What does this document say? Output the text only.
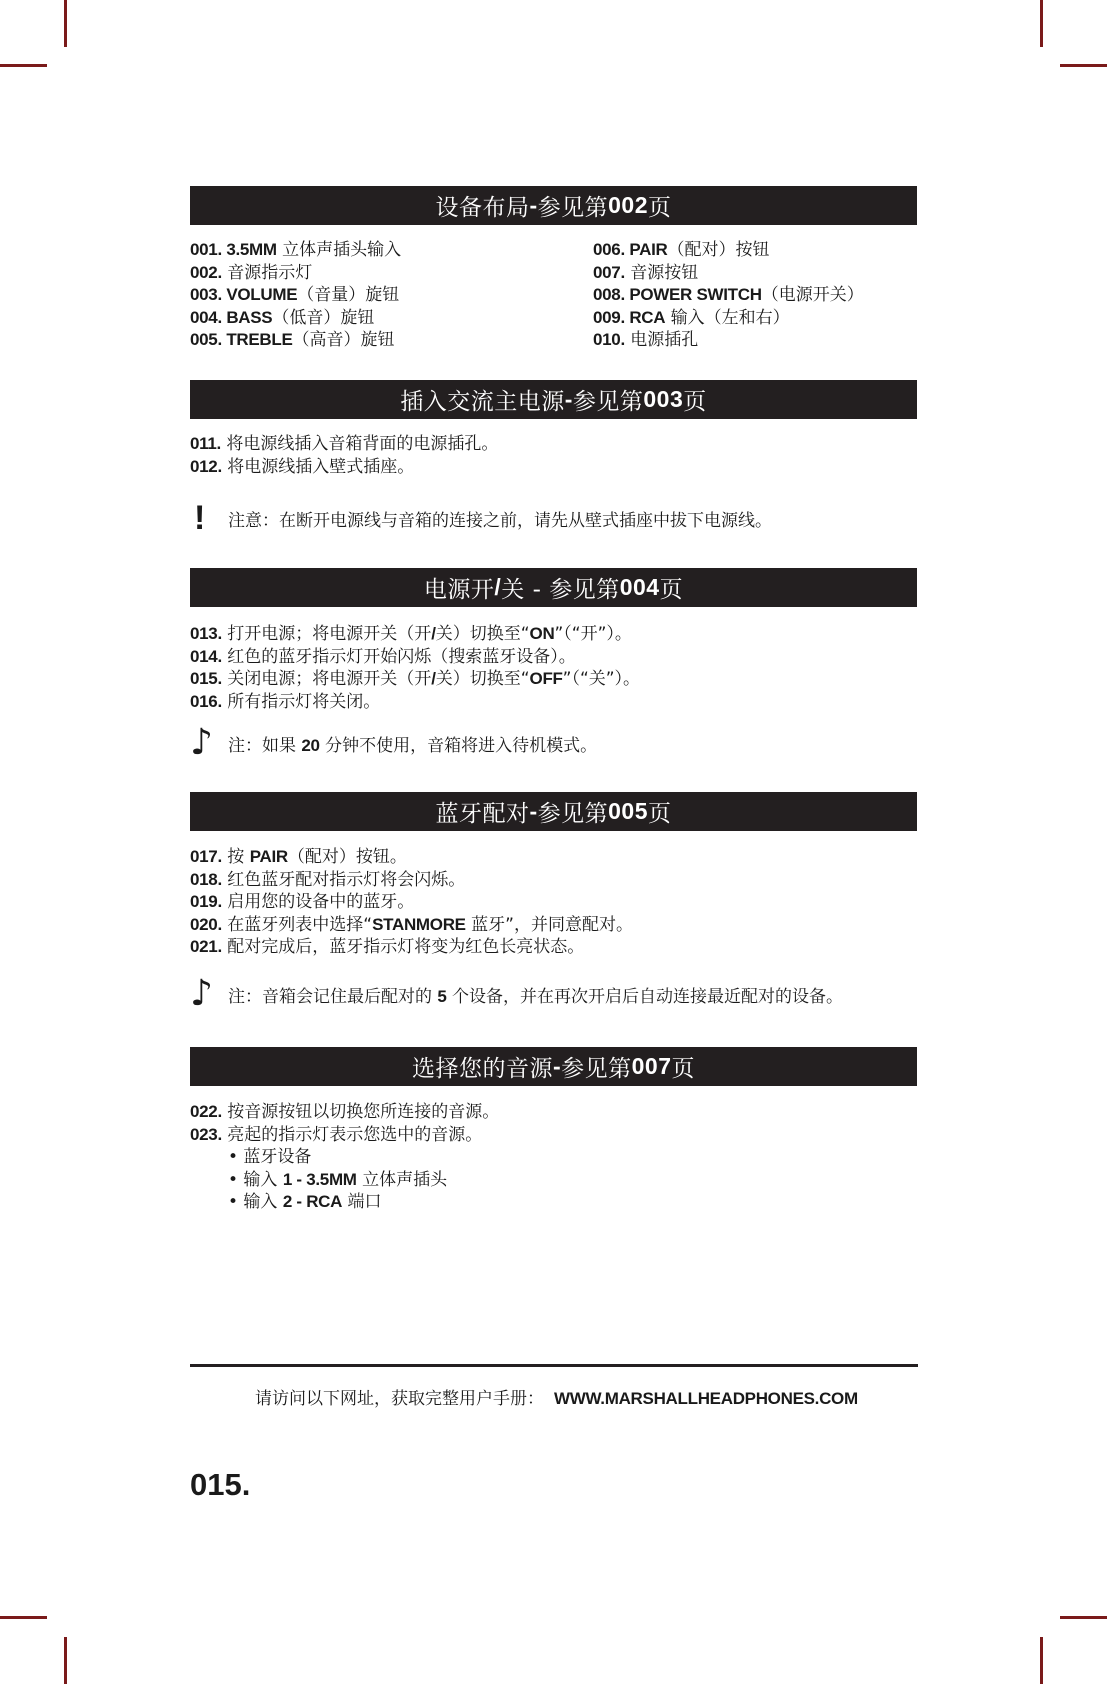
设备布局 - 参见第 002 页
001. 3.5MM 立体声插头输入
002. 音源指示灯
003. VOLUME（音量）旋钮
004. BASS（低音）旋钮
005. TREBLE（高音）旋钮
006. PAIR（配对）按钮
007. 音源按钮
008. POWER SWITCH（电源开关）
009. RCA 输入（左和右）
010. 电源插孔
插入交流主电源 - 参见第 003 页
011. 将电源线插入音箱背面的电源插孔。
012. 将电源线插入壁式插座。
! 注意：在断开电源线与音箱的连接之前，请先从壁式插座中拔下电源线。
电源开 / 关 - 参见第 004 页
013. 打开电源；将电源开关（开/关）切换至“ON”（“开”）。
014. 红色的蓝牙指示灯开始闪烁（搜索蓝牙设备）。
015. 关闭电源；将电源开关（开/关）切换至“OFF”（“关”）。
016. 所有指示灯将关闭。
♪ 注：如果 20 分钟不使用，音箱将进入待机模式。
蓝牙配对 - 参见第 005 页
017. 按 PAIR（配对）按钮。
018. 红色蓝牙配对指示灯将会闪烁。
019. 启用您的设备中的蓝牙。
020. 在蓝牙列表中选择“STANMORE 蓝牙”，并同意配对。
021. 配对完成后，蓝牙指示灯将变为红色长亮状态。
♪ 注：音箱会记住最后配对的 5 个设备，并在再次开启后自动连接最近配对的设备。
选择您的音源 - 参见第 007 页
022. 按音源按钮以切换您所连接的音源。
023. 亮起的指示灯表示您选中的音源。
• 蓝牙设备
• 输入 1 - 3.5MM 立体声插头
• 输入 2 - RCA 端口
请访问以下网址，获取完整用户手册： WWW.MARSHALLHEADPHONES.COM
015.
